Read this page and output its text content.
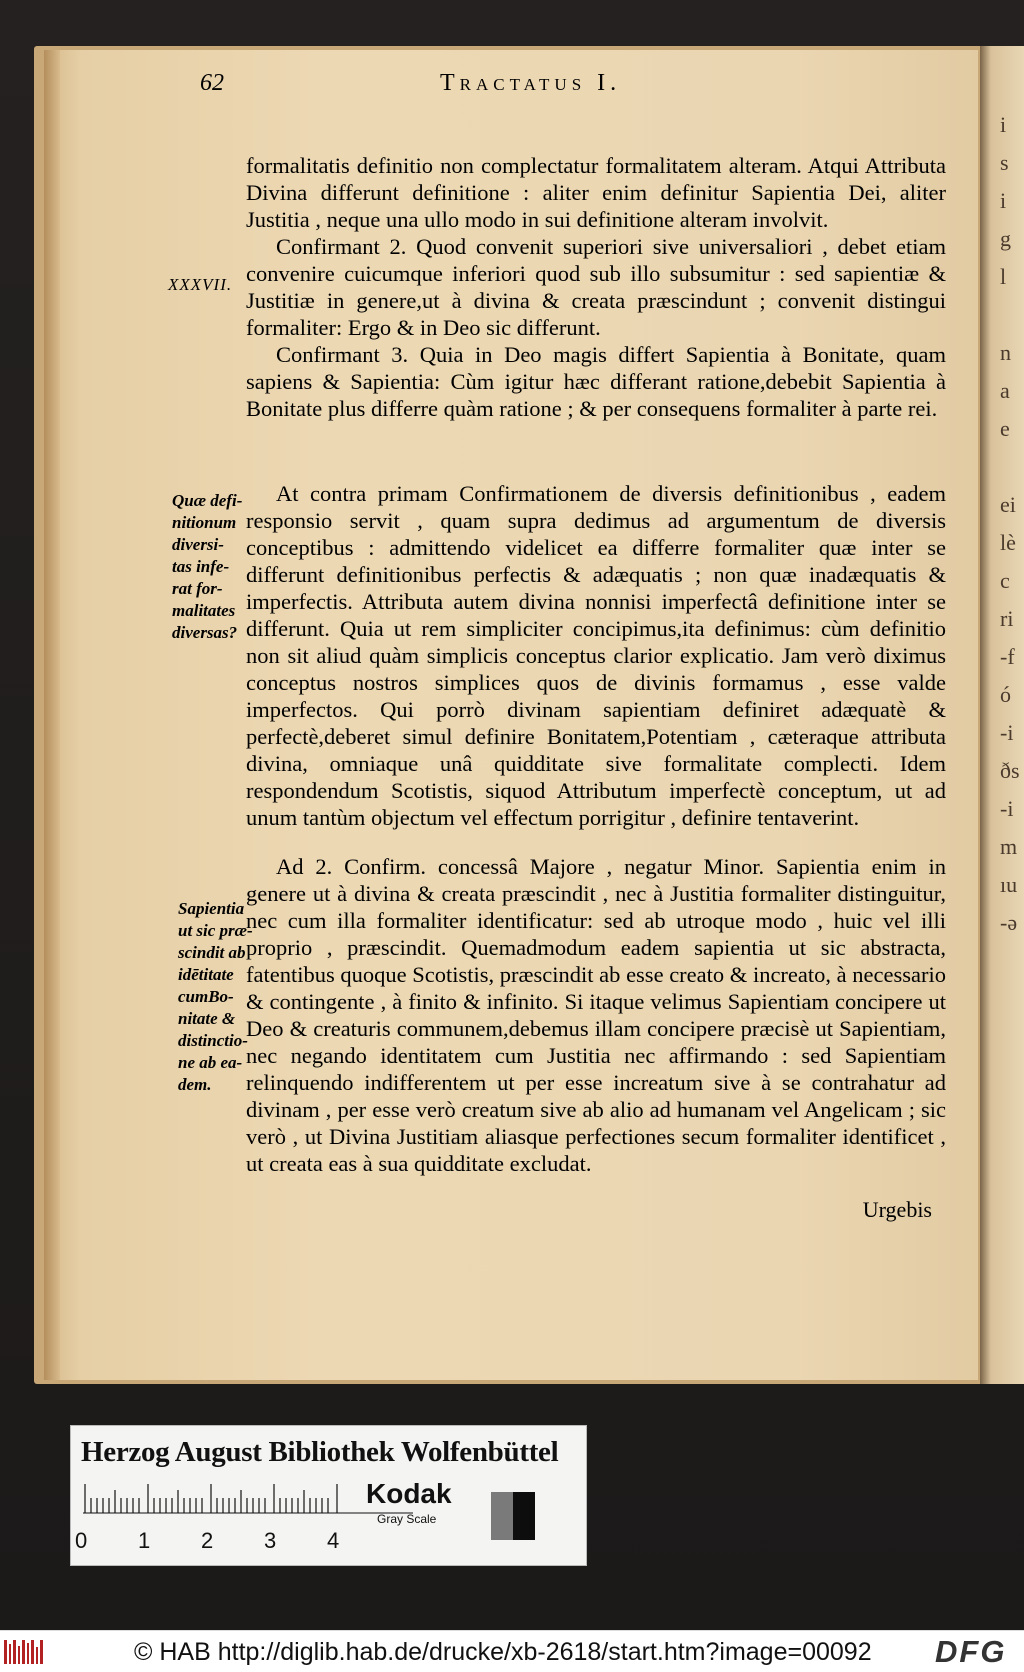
i
s
i
g
l

n
a
e

ei
lè
c
ri
-f
ó
-i
ðs
-i
m
ıu
-ə
62	Tractatus I.
XXXVII.
Quæ defi-
nitionum
diversi-
tas infe-
rat for-
malitates
diversas?
Sapientia
ut sic præ-
scindit ab
idētitate
cumBo-
nitate &
distinctio-
ne ab ea-
dem.

formalitatis definitio non complectatur formalitatem alteram. Atqui Attributa Divina differunt definitione : aliter enim definitur Sapientia Dei, aliter Justitia , neque una ullo modo in sui definitione alteram involvit.

Confirmant 2. Quod convenit superiori sive universaliori , debet etiam convenire cuicumque inferiori quod sub illo subsumitur : sed sapientiæ & Justitiæ in genere,ut à divina & creata præscindunt ; convenit distingui formaliter: Ergo & in Deo sic differunt.

Confirmant 3. Quia in Deo magis differt Sapientia à Bonitate, quam sapiens & Sapientia: Cùm igitur hæc differant ratione,debebit Sapientia à Bonitate plus differre quàm ratione ; & per consequens formaliter à parte rei.

At contra primam Confirmationem de diversis definitionibus , eadem responsio servit , quam supra dedimus ad argumentum de diversis conceptibus : admittendo videlicet ea differre formaliter quæ inter se differunt definitionibus perfectis & adæquatis ; non quæ inadæquatis & imperfectis. Attributa autem divina nonnisi imperfectâ definitione inter se differunt. Quia ut rem simpliciter concipimus,ita definimus: cùm definitio non sit aliud quàm simplicis conceptus clarior explicatio. Jam verò diximus conceptus nostros simplices quos de divinis formamus , esse valde imperfectos. Qui porrò divinam sapientiam definiret adæquatè & perfectè,deberet simul definire Bonitatem,Potentiam , cæteraque attributa divina, omniaque unâ quidditate sive formalitate complecti. Idem respondendum Scotistis, siquod Attributum imperfectè conceptum, ut ad unum tantùm objectum vel effectum porrigitur , definire tentaverint.

Ad 2. Confirm. concessâ Majore , negatur Minor. Sapientia enim in genere ut à divina & creata præscindit , nec à Justitia formaliter distinguitur, nec cum illa formaliter identificatur: sed ab utroque modo , huic vel illi proprio , præscindit. Quemadmodum eadem sapientia ut sic abstracta, fatentibus quoque Scotistis, præscindit ab esse creato & increato, à necessario & contingente , à finito & infinito. Si itaque velimus Sapientiam concipere ut Deo & creaturis communem,debemus illam concipere præcisè ut Sapientiam, nec negando identitatem cum Justitia nec affirmando : sed Sapientiam relinquendo indifferentem ut per esse increatum sive à se contrahatur ad divinam , per esse verò creatum sive ab alio ad humanam vel Angelicam ; sic verò , ut Divina Justitiam aliasque perfectiones secum formaliter identificet , ut creata eas à sua quidditate excludat.

Urgebis
Herzog August Bibliothek Wolfenbüttel
0 1 2 3 4
Kodak
Gray Scale
© HAB http://diglib.hab.de/drucke/xb-2618/start.htm?image=00092 DFG
